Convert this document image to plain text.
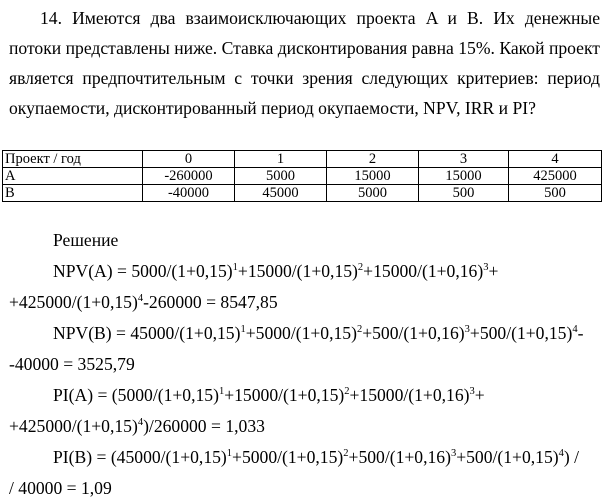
14. Имеются два взаимоисключающих проекта A и B. Их денежные потоки представлены ниже. Ставка дисконтирования равна 15%. Какой проект является предпочтительным с точки зрения следующих критериев: период окупаемости, дисконтированный период окупаемости, NPV, IRR и PI?
Проект / год	0	1	2	3	4
A	-260000	5000	15000	15000	425000
B	-40000	45000	5000	500	500
Решение
$NPV(A) = 5000/(1+0,15)^1+15000/(1+0,15)^2+15000/(1+0,16)^3+$
$+425000/(1+0,15)^4-260000 = 8547,85$
$NPV(B) = 45000/(1+0,15)^1+5000/(1+0,15)^2+500/(1+0,16)^3+500/(1+0,15)^4-$
-40000 = 3525,79
$PI(A) = (5000/(1+0,15)^1+15000/(1+0,15)^2+15000/(1+0,16)^3+$
$+425000/(1+0,15)^4)/260000 = 1,033$
$PI(B) = (45000/(1+0,15)^1+5000/(1+0,15)^2+500/(1+0,16)^3+500/(1+0,15)^4)$ /
/ 40000 = 1,09
